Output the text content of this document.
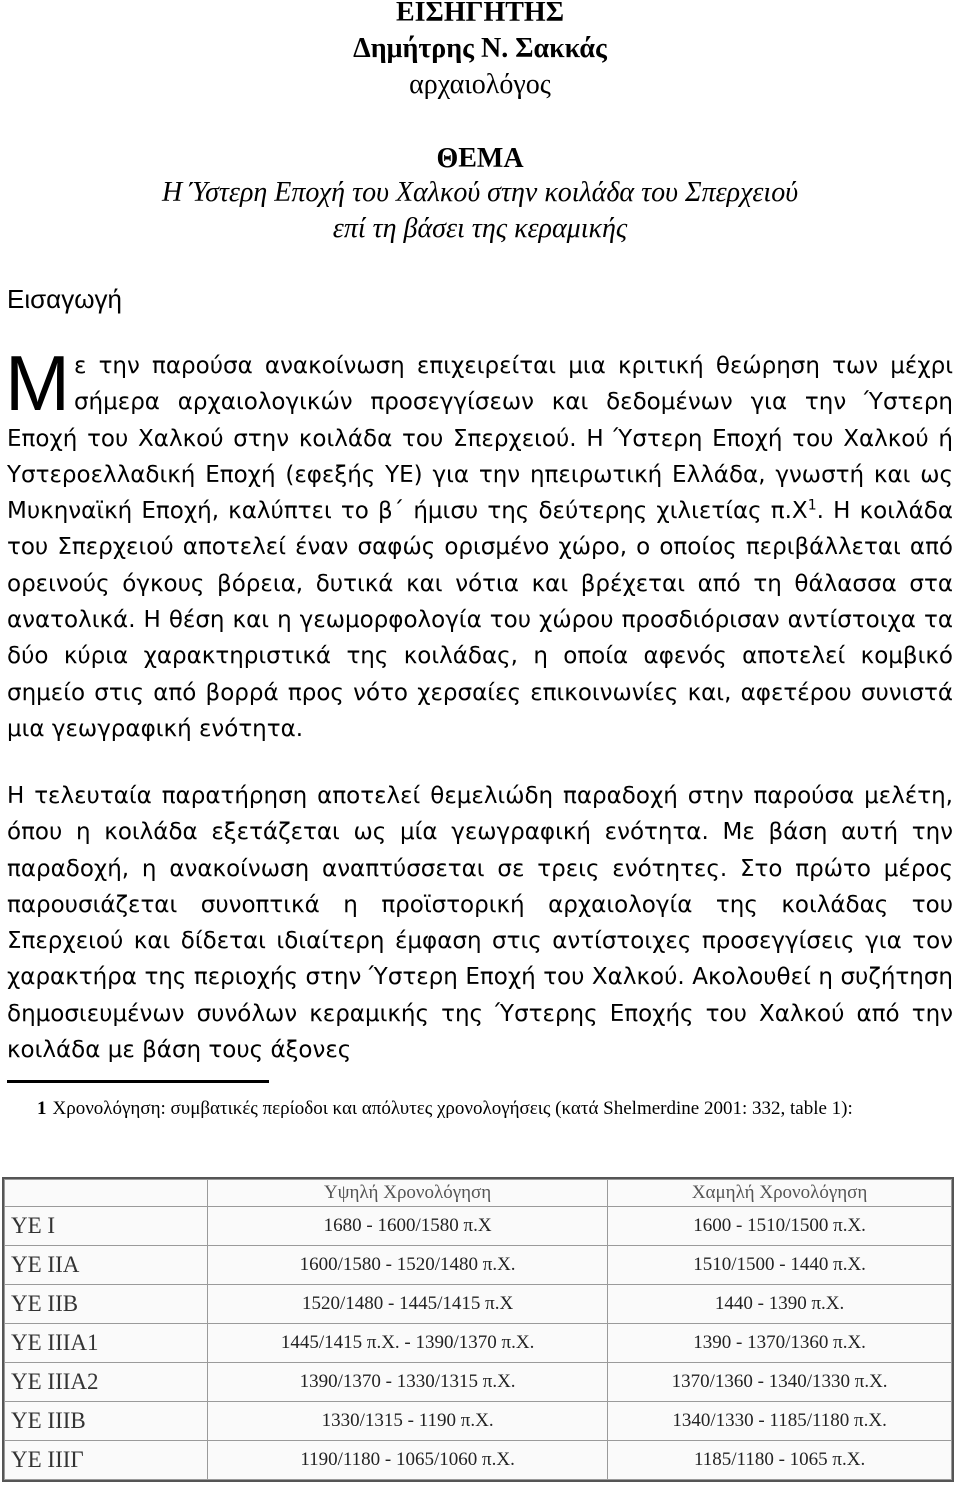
ΕΙΣΗΓΗΤΗΣ
Δημήτρης Ν. Σακκάς
αρχαιολόγος
ΘΕΜΑ
Η Ύστερη Εποχή του Χαλκού στην κοιλάδα του Σπερχειού
επί τη βάσει της κεραμικής
Εισαγωγή
Με την παρούσα ανακοίνωση επιχειρείται μια κριτική θεώρηση των μέχρι σήμερα αρχαιολογικών προσεγγίσεων και δεδομένων για την Ύστερη Εποχή του Χαλκού στην κοιλάδα του Σπερχειού. Η Ύστερη Εποχή του Χαλκού ή Υστεροελλαδική Εποχή (εφεξής ΥΕ) για την ηπειρωτική Ελλάδα, γνωστή και ως Μυκηναϊκή Εποχή, καλύπτει το β΄ ήμισυ της δεύτερης χιλιετίας $\pi.X^1$. Η κοιλάδα του Σπερχειού αποτελεί έναν σαφώς ορισμένο χώρο, ο οποίος περιβάλλεται από ορεινούς όγκους βόρεια, δυτικά και νότια και βρέχεται από τη θάλασσα στα ανατολικά. Η θέση και η γεωμορφολογία του χώρου προσδιόρισαν αντίστοιχα τα δύο κύρια χαρακτηριστικά της κοιλάδας, η οποία αφενός αποτελεί κομβικό σημείο στις από βορρά προς νότο χερσαίες επικοινωνίες και, αφετέρου συνιστά μια γεωγραφική ενότητα.
Η τελευταία παρατήρηση αποτελεί θεμελιώδη παραδοχή στην παρούσα μελέτη, όπου η κοιλάδα εξετάζεται ως μία γεωγραφική ενότητα. Με βάση αυτή την παραδοχή, η ανακοίνωση αναπτύσσεται σε τρεις ενότητες. Στο πρώτο μέρος παρουσιάζεται συνοπτικά η προϊστορική αρχαιολογία της κοιλάδας του Σπερχειού και δίδεται ιδιαίτερη έμφαση στις αντίστοιχες προσεγγίσεις για τον χαρακτήρα της περιοχής στην Ύστερη Εποχή του Χαλκού. Ακολουθεί η συζήτηση δημοσιευμένων συνόλων κεραμικής της Ύστερης Εποχής του Χαλκού από την κοιλάδα με βάση τους άξονες
1 Χρονολόγηση: συμβατικές περίοδοι και απόλυτες χρονολογήσεις (κατά Shelmerdine 2001: 332, table 1):
	Υψηλή Χρονολόγηση	Χαμηλή Χρονολόγηση
ΥΕ Ι	1680 - 1600/1580 π.Χ	1600 - 1510/1500 π.Χ.
ΥΕ ΙΙΑ	1600/1580 - 1520/1480 π.Χ.	1510/1500 - 1440 π.Χ.
ΥΕ ΙΙΒ	1520/1480 - 1445/1415 π.Χ	1440 - 1390 π.Χ.
ΥΕ ΙΙΙΑ1	1445/1415 π.Χ. - 1390/1370 π.Χ.	1390 - 1370/1360 π.Χ.
ΥΕ ΙΙΙΑ2	1390/1370 - 1330/1315 π.Χ.	1370/1360 - 1340/1330 π.Χ.
ΥΕ ΙΙΙΒ	1330/1315 - 1190 π.Χ.	1340/1330 - 1185/1180 π.Χ.
ΥΕ ΙΙΙΓ	1190/1180 - 1065/1060 π.Χ.	1185/1180 - 1065 π.Χ.
